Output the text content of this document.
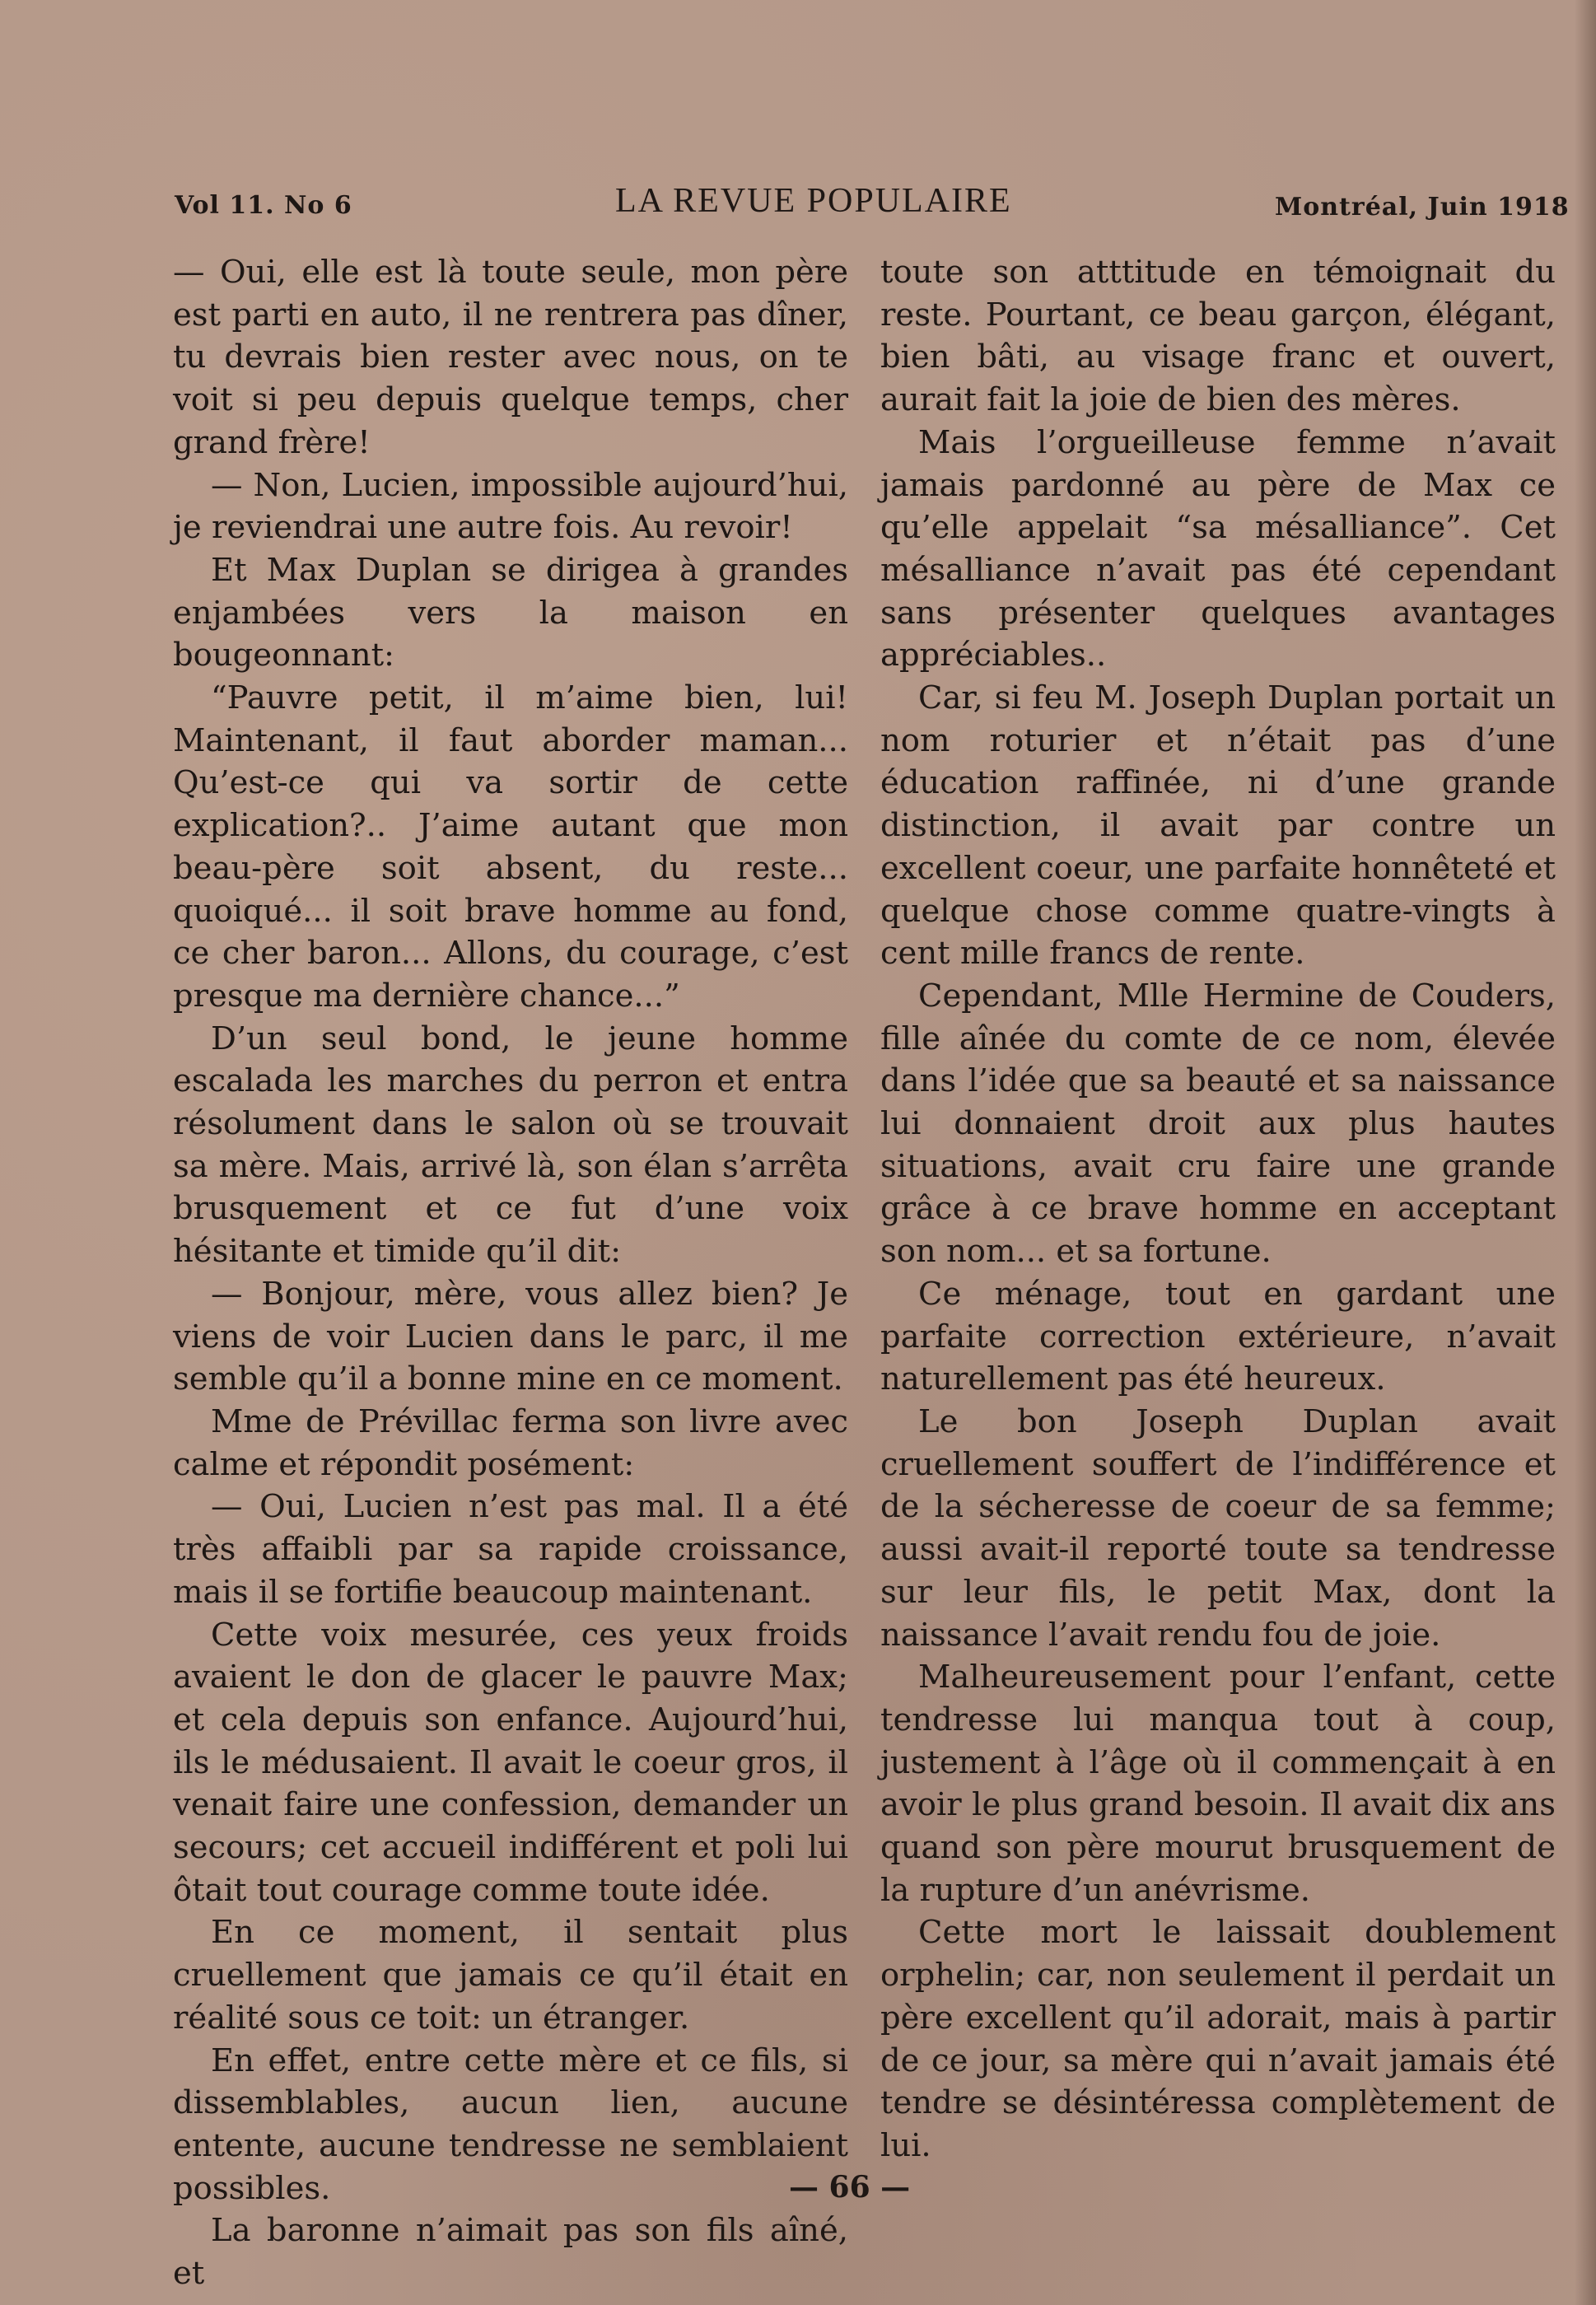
Vol 11. No 6	LA REVUE POPULAIRE	Montréal, Juin 1918

— Oui, elle est là toute seule, mon père est parti en auto, il ne rentrera pas dîner, tu devrais bien rester avec nous, on te voit si peu depuis quelque temps, cher grand frère!

— Non, Lucien, impossible aujourd’hui, je reviendrai une autre fois. Au revoir!

Et Max Duplan se dirigea à grandes enjambées vers la maison en bougeonnant:

“Pauvre petit, il m’aime bien, lui! Maintenant, il faut aborder maman... Qu’est-ce qui va sortir de cette explication?.. J’aime autant que mon beau-père soit absent, du reste... quoiqué... il soit brave homme au fond, ce cher baron... Allons, du courage, c’est presque ma dernière chance...”

D’un seul bond, le jeune homme escalada les marches du perron et entra résolument dans le salon où se trouvait sa mère. Mais, arrivé là, son élan s’arrêta brusquement et ce fut d’une voix hésitante et timide qu’il dit:

— Bonjour, mère, vous allez bien? Je viens de voir Lucien dans le parc, il me semble qu’il a bonne mine en ce moment.

Mme de Prévillac ferma son livre avec calme et répondit posément:

— Oui, Lucien n’est pas mal. Il a été très affaibli par sa rapide croissance, mais il se fortifie beaucoup maintenant.

Cette voix mesurée, ces yeux froids avaient le don de glacer le pauvre Max; et cela depuis son enfance. Aujourd’hui, ils le médusaient. Il avait le coeur gros, il venait faire une confession, demander un secours; cet accueil indifférent et poli lui ôtait tout courage comme toute idée.

En ce moment, il sentait plus cruellement que jamais ce qu’il était en réalité sous ce toit: un étranger.

En effet, entre cette mère et ce fils, si dissemblables, aucun lien, aucune entente, aucune tendresse ne semblaient possibles.

La baronne n’aimait pas son fils aîné, et

toute son atttitude en témoignait du reste. Pourtant, ce beau garçon, élégant, bien bâti, au visage franc et ouvert, aurait fait la joie de bien des mères.

Mais l’orgueilleuse femme n’avait jamais pardonné au père de Max ce qu’elle appelait “sa mésalliance”. Cet mésalliance n’avait pas été cependant sans présenter quelques avantages appréciables..

Car, si feu M. Joseph Duplan portait un nom roturier et n’était pas d’une éducation raffinée, ni d’une grande distinction, il avait par contre un excellent coeur, une parfaite honnêteté et quelque chose comme quatre-vingts à cent mille francs de rente.

Cependant, Mlle Hermine de Couders, fille aînée du comte de ce nom, élevée dans l’idée que sa beauté et sa naissance lui donnaient droit aux plus hautes situations, avait cru faire une grande grâce à ce brave homme en acceptant son nom... et sa fortune.

Ce ménage, tout en gardant une parfaite correction extérieure, n’avait naturellement pas été heureux.

Le bon Joseph Duplan avait cruellement souffert de l’indifférence et de la sécheresse de coeur de sa femme; aussi avait-il reporté toute sa tendresse sur leur fils, le petit Max, dont la naissance l’avait rendu fou de joie.

Malheureusement pour l’enfant, cette tendresse lui manqua tout à coup, justement à l’âge où il commençait à en avoir le plus grand besoin. Il avait dix ans quand son père mourut brusquement de la rupture d’un anévrisme.

Cette mort le laissait doublement orphelin; car, non seulement il perdait un père excellent qu’il adorait, mais à partir de ce jour, sa mère qui n’avait jamais été tendre se désintéressa complètement de lui.

— 66 —
